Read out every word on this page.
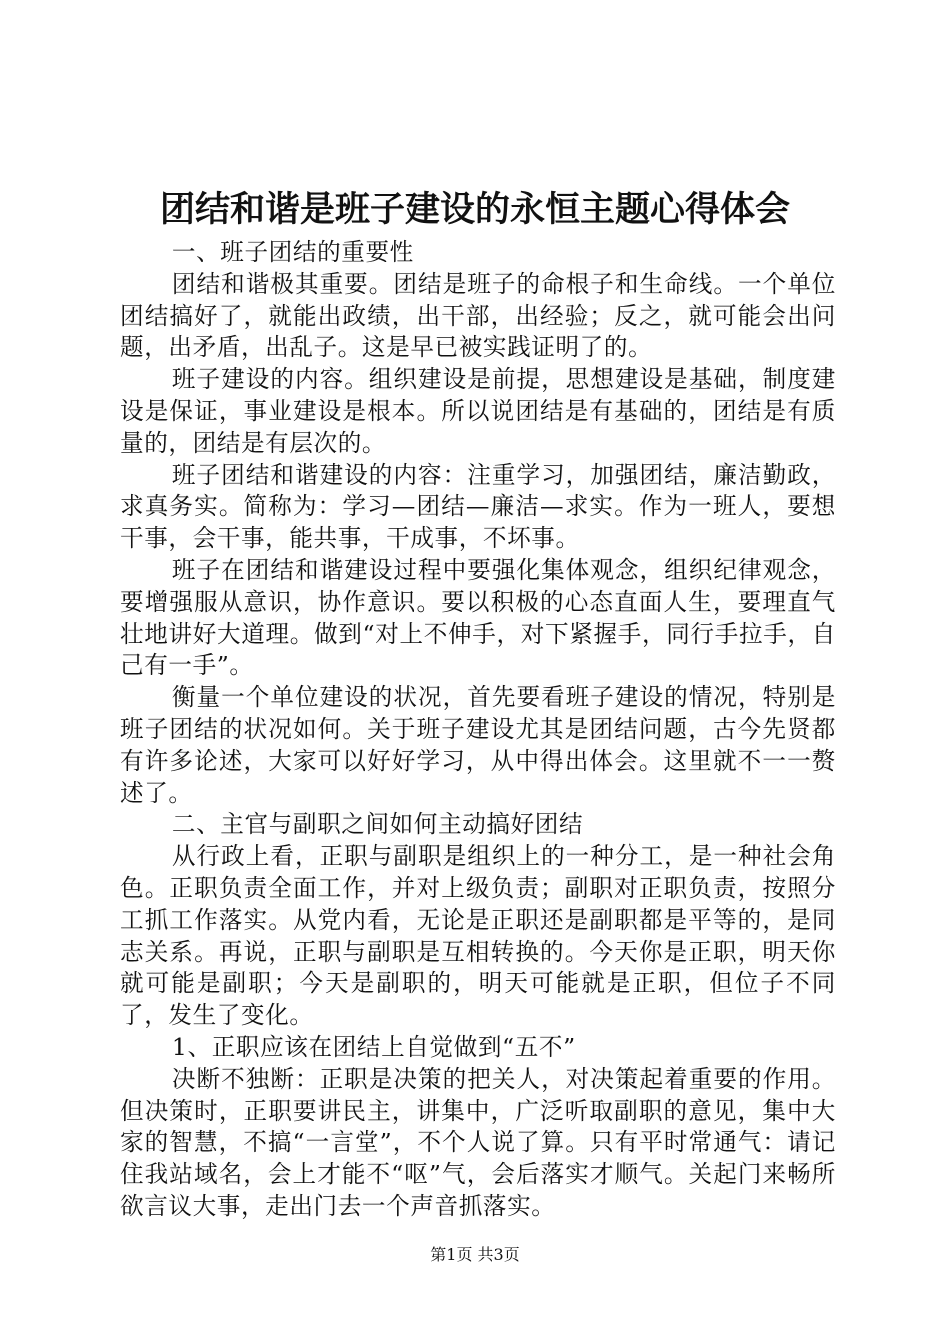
团结和谐是班子建设的永恒主题心得体会

一、班子团结的重要性

团结和谐极其重要。团结是班子的命根子和生命线。一个单位团结搞好了，就能出政绩，出干部，出经验；反之，就可能会出问题，出矛盾，出乱子。这是早已被实践证明了的。

班子建设的内容。组织建设是前提，思想建设是基础，制度建设是保证，事业建设是根本。所以说团结是有基础的，团结是有质量的，团结是有层次的。

班子团结和谐建设的内容：注重学习，加强团结，廉洁勤政，求真务实。简称为：学习—团结—廉洁—求实。作为一班人，要想干事，会干事，能共事，干成事，不坏事。

班子在团结和谐建设过程中要强化集体观念，组织纪律观念，要增强服从意识，协作意识。要以积极的心态直面人生，要理直气壮地讲好大道理。做到“对上不伸手，对下紧握手，同行手拉手，自己有一手”。

衡量一个单位建设的状况，首先要看班子建设的情况，特别是班子团结的状况如何。关于班子建设尤其是团结问题，古今先贤都有许多论述，大家可以好好学习，从中得出体会。这里就不一一赘述了。

二、主官与副职之间如何主动搞好团结

从行政上看，正职与副职是组织上的一种分工，是一种社会角色。正职负责全面工作，并对上级负责；副职对正职负责，按照分工抓工作落实。从党内看，无论是正职还是副职都是平等的，是同志关系。再说，正职与副职是互相转换的。今天你是正职，明天你就可能是副职；今天是副职的，明天可能就是正职，但位子不同了，发生了变化。

1、正职应该在团结上自觉做到“五不”

决断不独断：正职是决策的把关人，对决策起着重要的作用。但决策时，正职要讲民主，讲集中，广泛听取副职的意见，集中大家的智慧，不搞“一言堂”，不个人说了算。只有平时常通气：请记住我站域名，会上才能不“呕”气，会后落实才顺气。关起门来畅所欲言议大事，走出门去一个声音抓落实。

第1页 共3页
